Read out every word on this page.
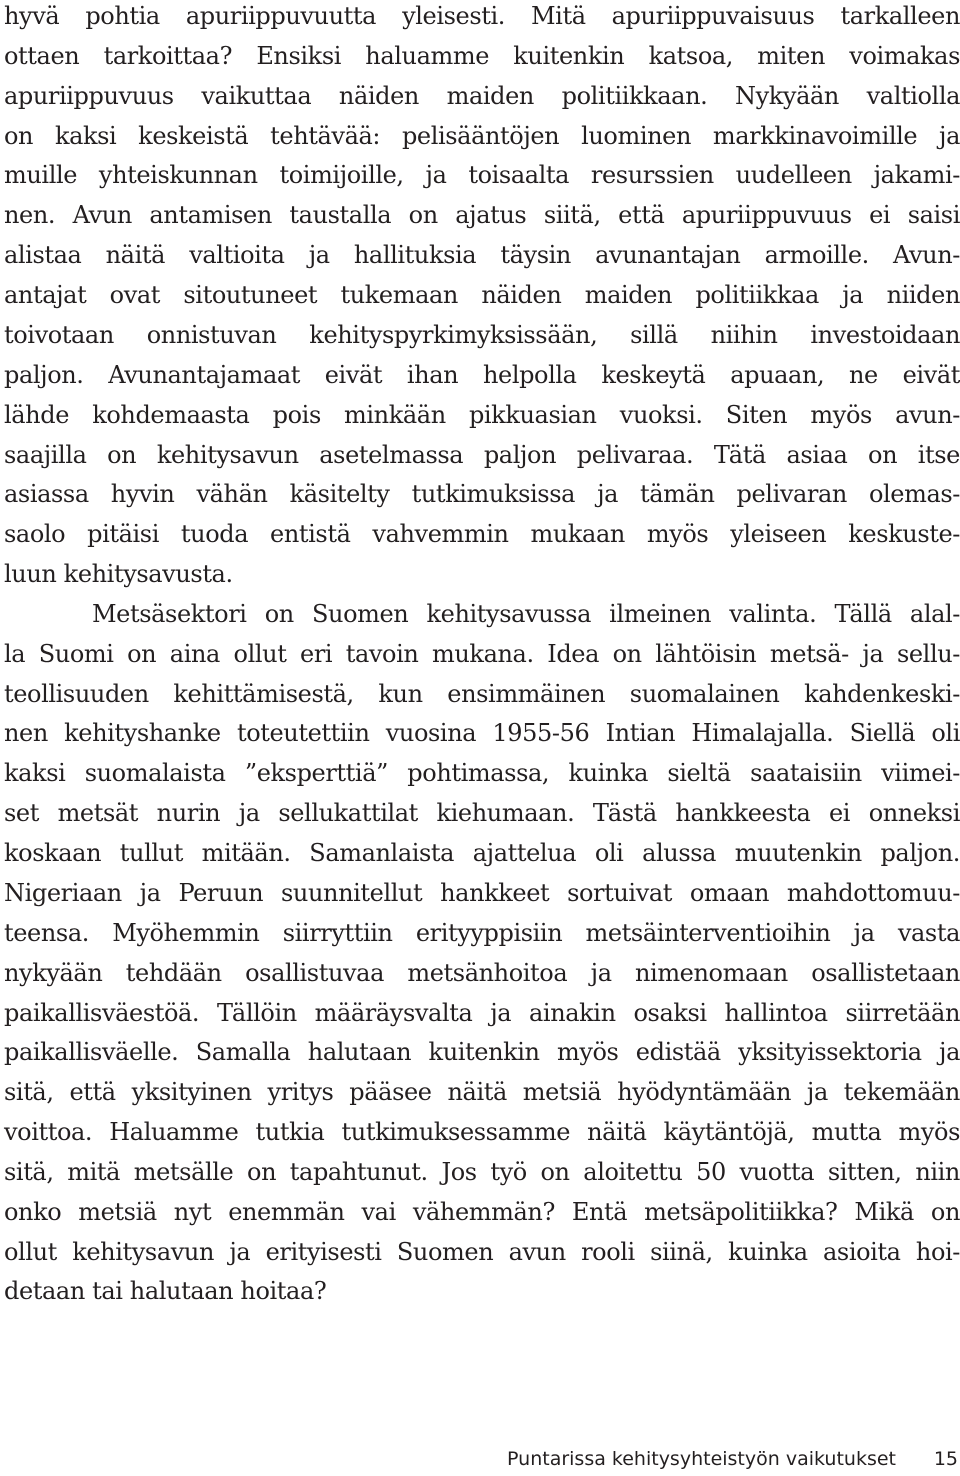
hyvä pohtia apuriippuvuutta yleisesti. Mitä apuriippuvaisuus tarkalleen
ottaen tarkoittaa? Ensiksi haluamme kuitenkin katsoa, miten voimakas
apuriippuvuus vaikuttaa näiden maiden politiikkaan. Nykyään valtiolla
on kaksi keskeistä tehtävää: pelisääntöjen luominen markkinavoimille ja
muille yhteiskunnan toimijoille, ja toisaalta resurssien uudelleen jakami-
nen. Avun antamisen taustalla on ajatus siitä, että apuriippuvuus ei saisi
alistaa näitä valtioita ja hallituksia täysin avunantajan armoille. Avun-
antajat ovat sitoutuneet tukemaan näiden maiden politiikkaa ja niiden
toivotaan onnistuvan kehityspyrkimyksissään, sillä niihin investoidaan
paljon. Avunantajamaat eivät ihan helpolla keskeytä apuaan, ne eivät
lähde kohdemaasta pois minkään pikkuasian vuoksi. Siten myös avun-
saajilla on kehitysavun asetelmassa paljon pelivaraa. Tätä asiaa on itse
asiassa hyvin vähän käsitelty tutkimuksissa ja tämän pelivaran olemas-
saolo pitäisi tuoda entistä vahvemmin mukaan myös yleiseen keskuste-
luun kehitysavusta.
Metsäsektori on Suomen kehitysavussa ilmeinen valinta. Tällä alal-
la Suomi on aina ollut eri tavoin mukana. Idea on lähtöisin metsä- ja sellu-
teollisuuden kehittämisestä, kun ensimmäinen suomalainen kahdenkeski-
nen kehityshanke toteutettiin vuosina 1955-56 Intian Himalajalla. Siellä oli
kaksi suomalaista ”eksperttiä” pohtimassa, kuinka sieltä saataisiin viimei-
set metsät nurin ja sellukattilat kiehumaan. Tästä hankkeesta ei onneksi
koskaan tullut mitään. Samanlaista ajattelua oli alussa muutenkin paljon.
Nigeriaan ja Peruun suunnitellut hankkeet sortuivat omaan mahdottomuu-
teensa. Myöhemmin siirryttiin erityyppisiin metsäinterventioihin ja vasta
nykyään tehdään osallistuvaa metsänhoitoa ja nimenomaan osallistetaan
paikallisväestöä. Tällöin määräysvalta ja ainakin osaksi hallintoa siirretään
paikallisväelle. Samalla halutaan kuitenkin myös edistää yksityissektoria ja
sitä, että yksityinen yritys pääsee näitä metsiä hyödyntämään ja tekemään
voittoa. Haluamme tutkia tutkimuksessamme näitä käytäntöjä, mutta myös
sitä, mitä metsälle on tapahtunut. Jos työ on aloitettu 50 vuotta sitten, niin
onko metsiä nyt enemmän vai vähemmän? Entä metsäpolitiikka? Mikä on
ollut kehitysavun ja erityisesti Suomen avun rooli siinä, kuinka asioita hoi-
detaan tai halutaan hoitaa?
Puntarissa kehitysyhteistyön vaikutukset 15
